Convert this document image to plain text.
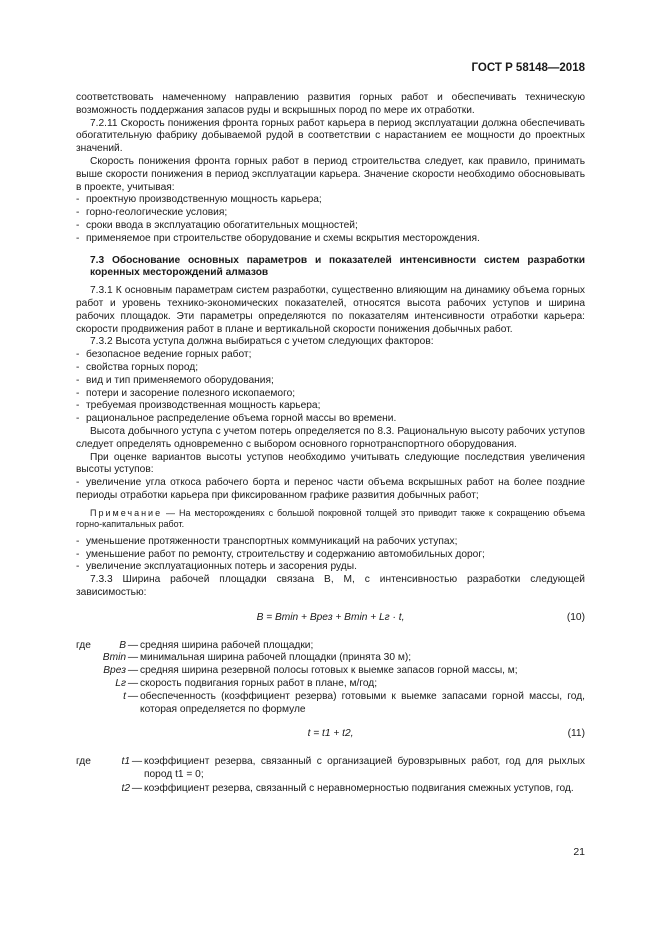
ГОСТ Р 58148—2018

соответствовать намеченному направлению развития горных работ и обеспечивать техническую возможность поддержания запасов руды и вскрышных пород по мере их отработки.

7.2.11 Скорость понижения фронта горных работ карьера в период эксплуатации должна обеспечивать обогатительную фабрику добываемой рудой в соответствии с нарастанием ее мощности до проектных значений.

Скорость понижения фронта горных работ в период строительства следует, как правило, принимать выше скорости понижения в период эксплуатации карьера. Значение скорости необходимо обосновывать в проекте, учитывая:

- проектную производственную мощность карьера;

- горно-геологические условия;

- сроки ввода в эксплуатацию обогатительных мощностей;

- применяемое при строительстве оборудование и схемы вскрытия месторождения.

7.3 Обоснование основных параметров и показателей интенсивности систем разработки коренных месторождений алмазов

7.3.1 К основным параметрам систем разработки, существенно влияющим на динамику объема горных работ и уровень технико-экономических показателей, относятся высота рабочих уступов и ширина рабочих площадок. Эти параметры определяются по показателям интенсивности отработки карьера: скорости продвижения работ в плане и вертикальной скорости понижения добычных работ.

7.3.2 Высота уступа должна выбираться с учетом следующих факторов:

- безопасное ведение горных работ;

- свойства горных пород;

- вид и тип применяемого оборудования;

- потери и засорение полезного ископаемого;

- требуемая производственная мощность карьера;

- рациональное распределение объема горной массы во времени.

Высота добычного уступа с учетом потерь определяется по 8.3. Рациональную высоту рабочих уступов следует определять одновременно с выбором основного горнотранспортного оборудования.

При оценке вариантов высоты уступов необходимо учитывать следующие последствия увеличения высоты уступов:

- увеличение угла откоса рабочего борта и перенос части объема вскрышных работ на более поздние периоды отработки карьера при фиксированном графике развития добычных работ;

Примечание — На месторождениях с большой покровной толщей это приводит также к сокращению объема горно-капитальных работ.

- уменьшение протяженности транспортных коммуникаций на рабочих уступах;

- уменьшение работ по ремонту, строительству и содержанию автомобильных дорог;

- увеличение эксплуатационных потерь и засорения руды.

7.3.3 Ширина рабочей площадки связана В, М, с интенсивностью разработки следующей зависимостью:

B = Bmin + Bрез + Bmin + Lг · t,	(10)
где	B — средняя ширина рабочей площадки;
Bmin — минимальная ширина рабочей площадки (принята 30 м);
Bрез — средняя ширина резервной полосы готовых к выемке запасов горной массы, м;
Lг — скорость подвигания горных работ в плане, м/год;
t — обеспеченность (коэффициент резерва) готовыми к выемке запасами горной массы, год, которая определяется по формуле
t = t1 + t2,	(11)
где	t1 — коэффициент резерва, связанный с организацией буровзрывных работ, год для рыхлых пород t1 = 0;
t2 — коэффициент резерва, связанный с неравномерностью подвигания смежных уступов, год.
21
